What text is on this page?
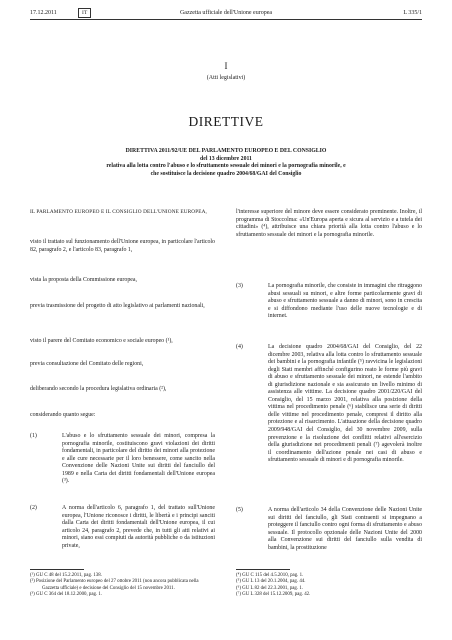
17.12.2011	IT	Gazzetta ufficiale dell'Unione europea	L 335/1
I
(Atti legislativi)
DIRETTIVE
DIRETTIVA 2011/92/UE DEL PARLAMENTO EUROPEO E DEL CONSIGLIO
del 13 dicembre 2011
relativa alla lotta contro l'abuso e lo sfruttamento sessuale dei minori e la pornografia minorile, e
che sostituisce la decisione quadro 2004/68/GAI del Consiglio
IL PARLAMENTO EUROPEO E IL CONSIGLIO DELL'UNIONE EUROPEA,
visto il trattato sul funzionamento dell'Unione europea, in particolare l'articolo 82, paragrafo 2, e l'articolo 83, paragrafo 1,
vista la proposta della Commissione europea,
previa trasmissione del progetto di atto legislativo ai parlamenti nazionali,
visto il parere del Comitato economico e sociale europeo (¹),
previa consultazione del Comitato delle regioni,
deliberando secondo la procedura legislativa ordinaria (²),
considerando quanto segue:
(1)	L'abuso e lo sfruttamento sessuale dei minori, compresa la pornografia minorile, costituiscono gravi violazioni dei diritti fondamentali, in particolare del diritto dei minori alla protezione e alle cure necessarie per il loro benessere, come sancito nella Convenzione delle Nazioni Unite sui diritti del fanciullo del 1989 e nella Carta dei diritti fondamentali dell'Unione europea (³).
(2)	A norma dell'articolo 6, paragrafo 1, del trattato sull'Unione europea, l'Unione riconosce i diritti, le libertà e i principi sanciti dalla Carta dei diritti fondamentali dell'Unione europea, il cui articolo 24, paragrafo 2, prevede che, in tutti gli atti relativi ai minori, siano essi compiuti da autorità pubbliche o da istituzioni private,
(¹) GU C 48 del 15.2.2011, pag. 138.
(²) Posizione del Parlamento europeo del 27 ottobre 2011 (non ancora pubblicata nella Gazzetta ufficiale) e decisione del Consiglio del 15 novembre 2011.
(³) GU C 364 del 18.12.2000, pag. 1.
l'interesse superiore del minore deve essere considerato preminente. Inoltre, il programma di Stoccolma: «Un'Europa aperta e sicura al servizio e a tutela dei cittadini» (⁴), attribuisce una chiara priorità alla lotta contro l'abuso e lo sfruttamento sessuale dei minori e la pornografia minorile.
(3)	La pornografia minorile, che consiste in immagini che ritraggono abusi sessuali su minori, e altre forme particolarmente gravi di abuso e sfruttamento sessuale a danno di minori, sono in crescita e si diffondono mediante l'uso delle nuove tecnologie e di internet.
(4)	La decisione quadro 2004/68/GAI del Consiglio, del 22 dicembre 2003, relativa alla lotta contro lo sfruttamento sessuale dei bambini e la pornografia infantile (⁵) ravvicina le legislazioni degli Stati membri affinché configurino reato le forme più gravi di abuso e sfruttamento sessuale dei minori, ne estende l'ambito di giurisdizione nazionale e sia assicurato un livello minimo di assistenza alle vittime. La decisione quadro 2001/220/GAI del Consiglio, del 15 marzo 2001, relativa alla posizione della vittima nel procedimento penale (⁶) stabilisce una serie di diritti delle vittime nel procedimento penale, compresi il diritto alla protezione e al risarcimento. L'attuazione della decisione quadro 2009/948/GAI del Consiglio, del 30 novembre 2009, sulla prevenzione e la risoluzione dei conflitti relativi all'esercizio della giurisdizione nei procedimenti penali (⁷) agevolerà inoltre il coordinamento dell'azione penale nei casi di abuso e sfruttamento sessuale di minori e di pornografia minorile.
(5)	A norma dell'articolo 34 della Convenzione delle Nazioni Unite sui diritti del fanciullo, gli Stati contraenti si impegnano a proteggere il fanciullo contro ogni forma di sfruttamento e abuso sessuale. Il protocollo opzionale delle Nazioni Unite del 2000 alla Convenzione sui diritti del fanciullo sulla vendita di bambini, la prostituzione
(⁴) GU C 115 del 4.5.2010, pag. 1.
(⁵) GU L 13 del 20.1.2004, pag. 44.
(⁶) GU L 82 del 22.3.2001, pag. 1.
(⁷) GU L 328 del 15.12.2009, pag. 42.
